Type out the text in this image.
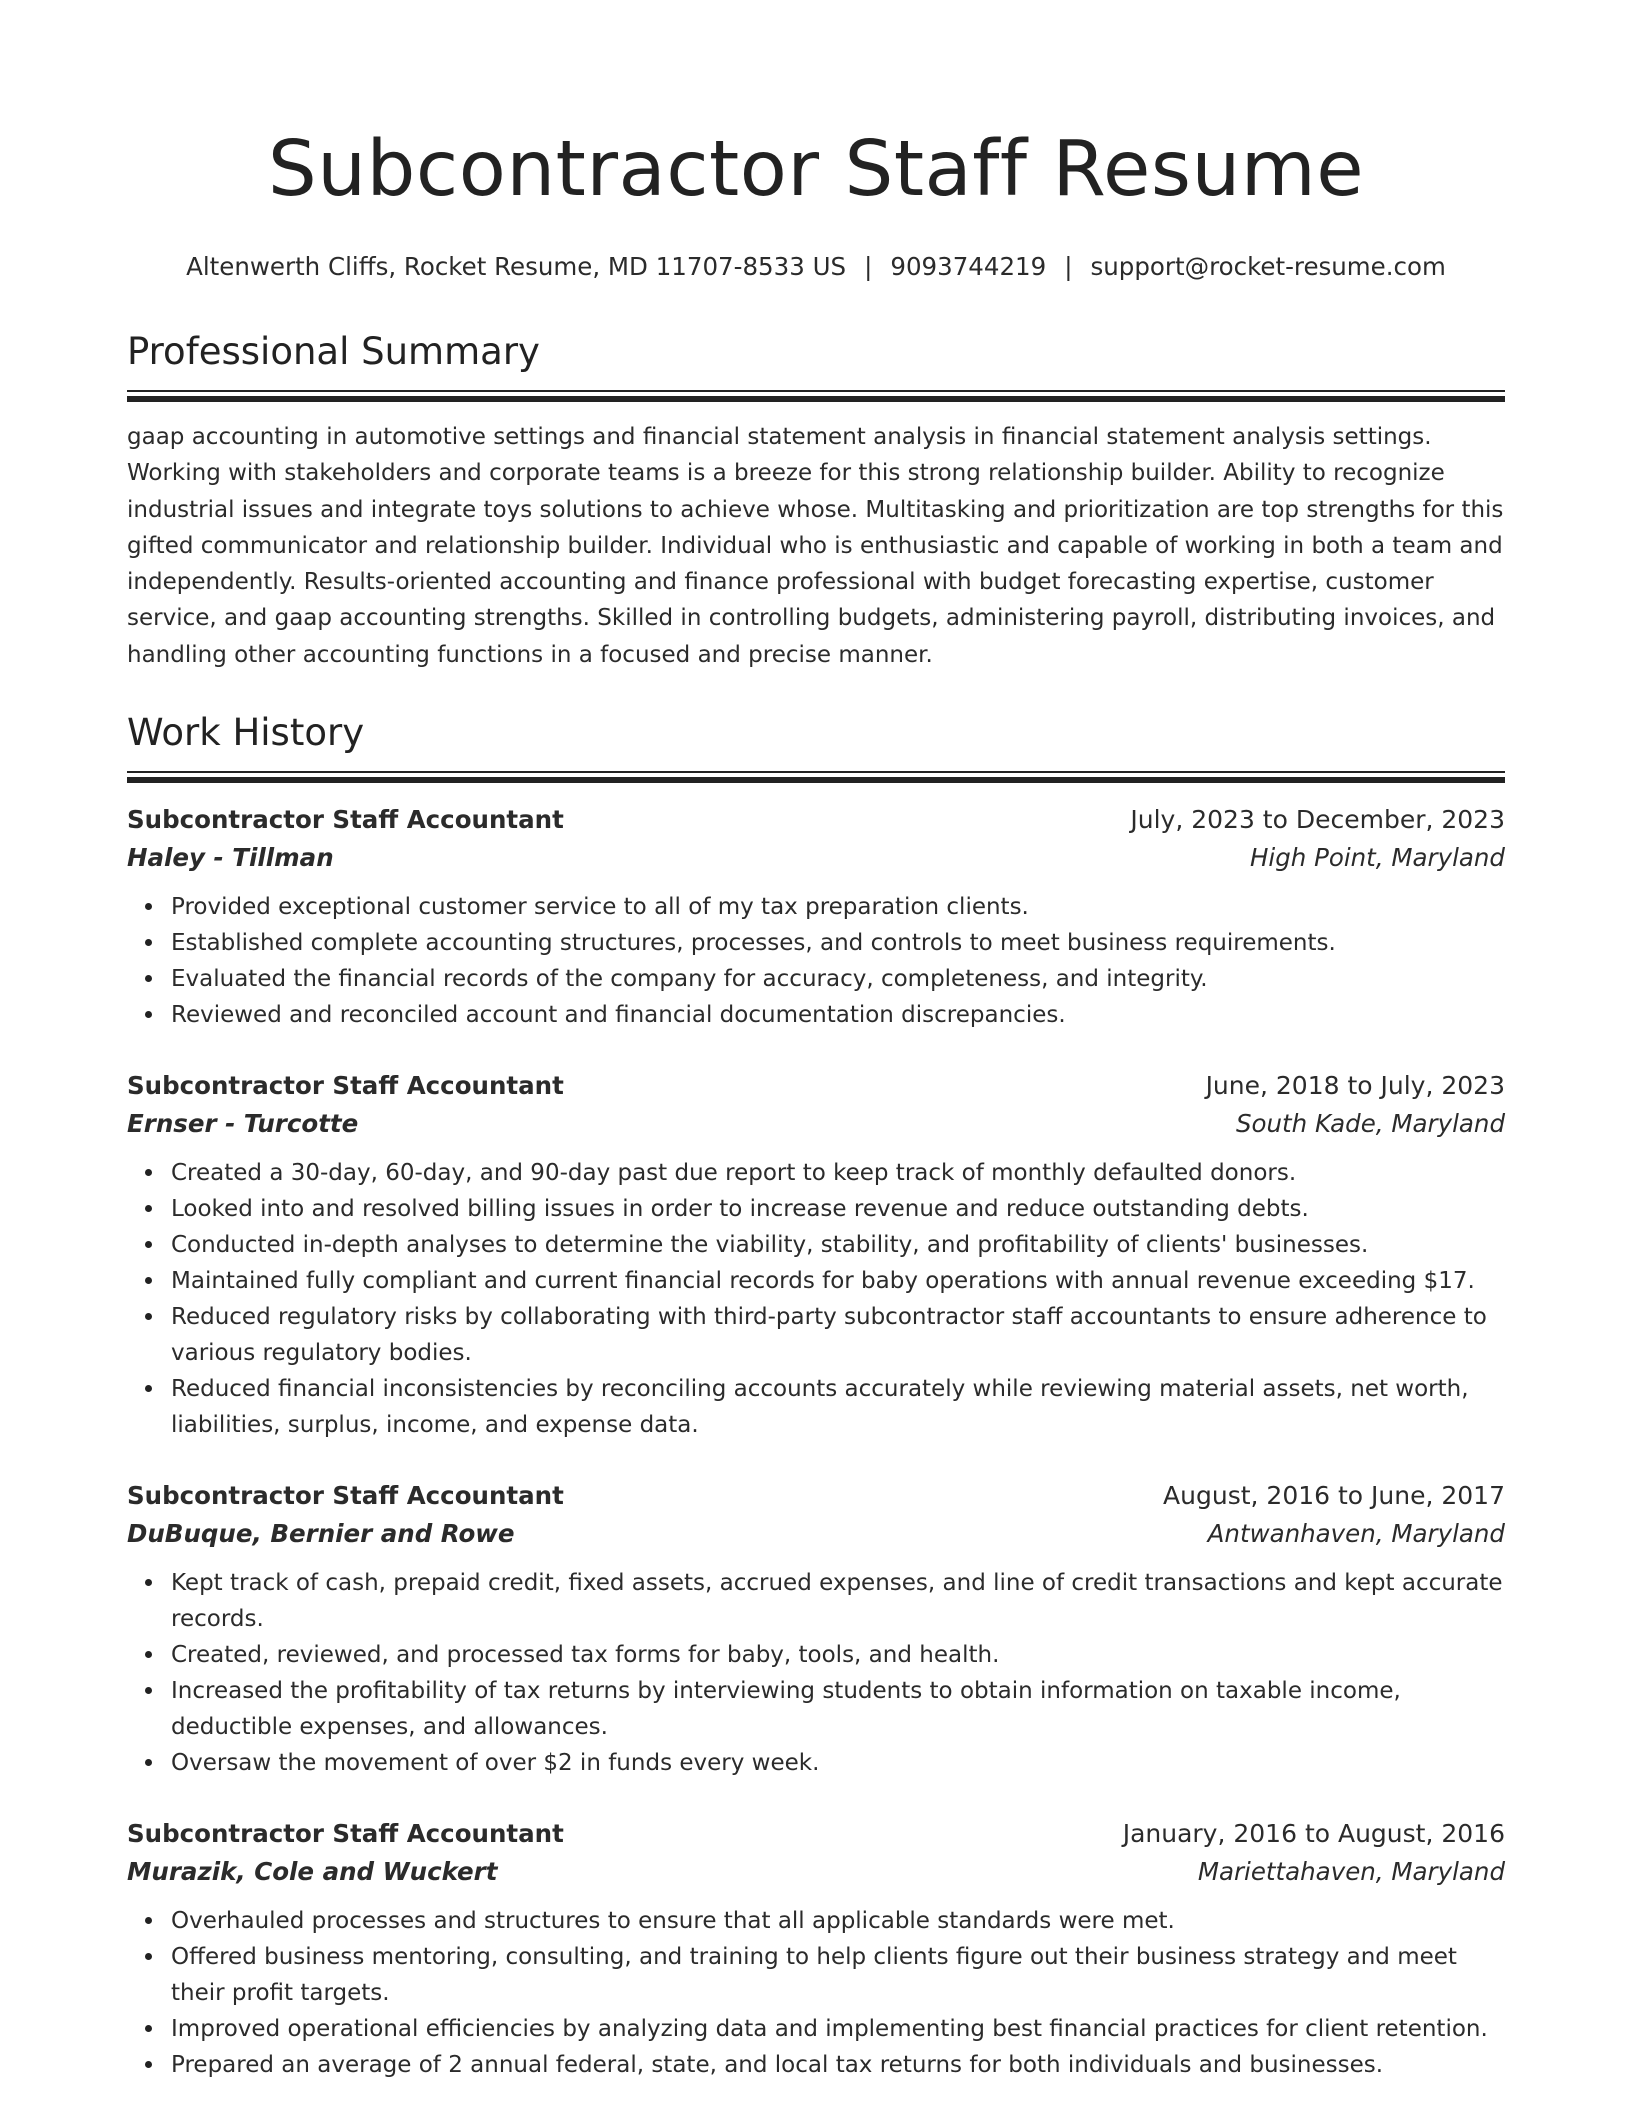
Subcontractor Staff Resume
Altenwerth Cliffs, Rocket Resume, MD 11707-8533 US | 9093744219 | support@rocket-resume.com
Professional Summary
gaap accounting in automotive settings and financial statement analysis in financial statement analysis settings. Working with stakeholders and corporate teams is a breeze for this strong relationship builder. Ability to recognize industrial issues and integrate toys solutions to achieve whose. Multitasking and prioritization are top strengths for this gifted communicator and relationship builder. Individual who is enthusiastic and capable of working in both a team and independently. Results-oriented accounting and finance professional with budget forecasting expertise, customer service, and gaap accounting strengths. Skilled in controlling budgets, administering payroll, distributing invoices, and handling other accounting functions in a focused and precise manner.
Work History
Subcontractor Staff Accountant	July, 2023 to December, 2023
Haley - Tillman	High Point, Maryland
Provided exceptional customer service to all of my tax preparation clients.
Established complete accounting structures, processes, and controls to meet business requirements.
Evaluated the financial records of the company for accuracy, completeness, and integrity.
Reviewed and reconciled account and financial documentation discrepancies.
Subcontractor Staff Accountant	June, 2018 to July, 2023
Ernser - Turcotte	South Kade, Maryland
Created a 30-day, 60-day, and 90-day past due report to keep track of monthly defaulted donors.
Looked into and resolved billing issues in order to increase revenue and reduce outstanding debts.
Conducted in-depth analyses to determine the viability, stability, and profitability of clients' businesses.
Maintained fully compliant and current financial records for baby operations with annual revenue exceeding $17.
Reduced regulatory risks by collaborating with third-party subcontractor staff accountants to ensure adherence to various regulatory bodies.
Reduced financial inconsistencies by reconciling accounts accurately while reviewing material assets, net worth, liabilities, surplus, income, and expense data.
Subcontractor Staff Accountant	August, 2016 to June, 2017
DuBuque, Bernier and Rowe	Antwanhaven, Maryland
Kept track of cash, prepaid credit, fixed assets, accrued expenses, and line of credit transactions and kept accurate records.
Created, reviewed, and processed tax forms for baby, tools, and health.
Increased the profitability of tax returns by interviewing students to obtain information on taxable income, deductible expenses, and allowances.
Oversaw the movement of over $2 in funds every week.
Subcontractor Staff Accountant	January, 2016 to August, 2016
Murazik, Cole and Wuckert	Mariettahaven, Maryland
Overhauled processes and structures to ensure that all applicable standards were met.
Offered business mentoring, consulting, and training to help clients figure out their business strategy and meet their profit targets.
Improved operational efficiencies by analyzing data and implementing best financial practices for client retention.
Prepared an average of 2 annual federal, state, and local tax returns for both individuals and businesses.
